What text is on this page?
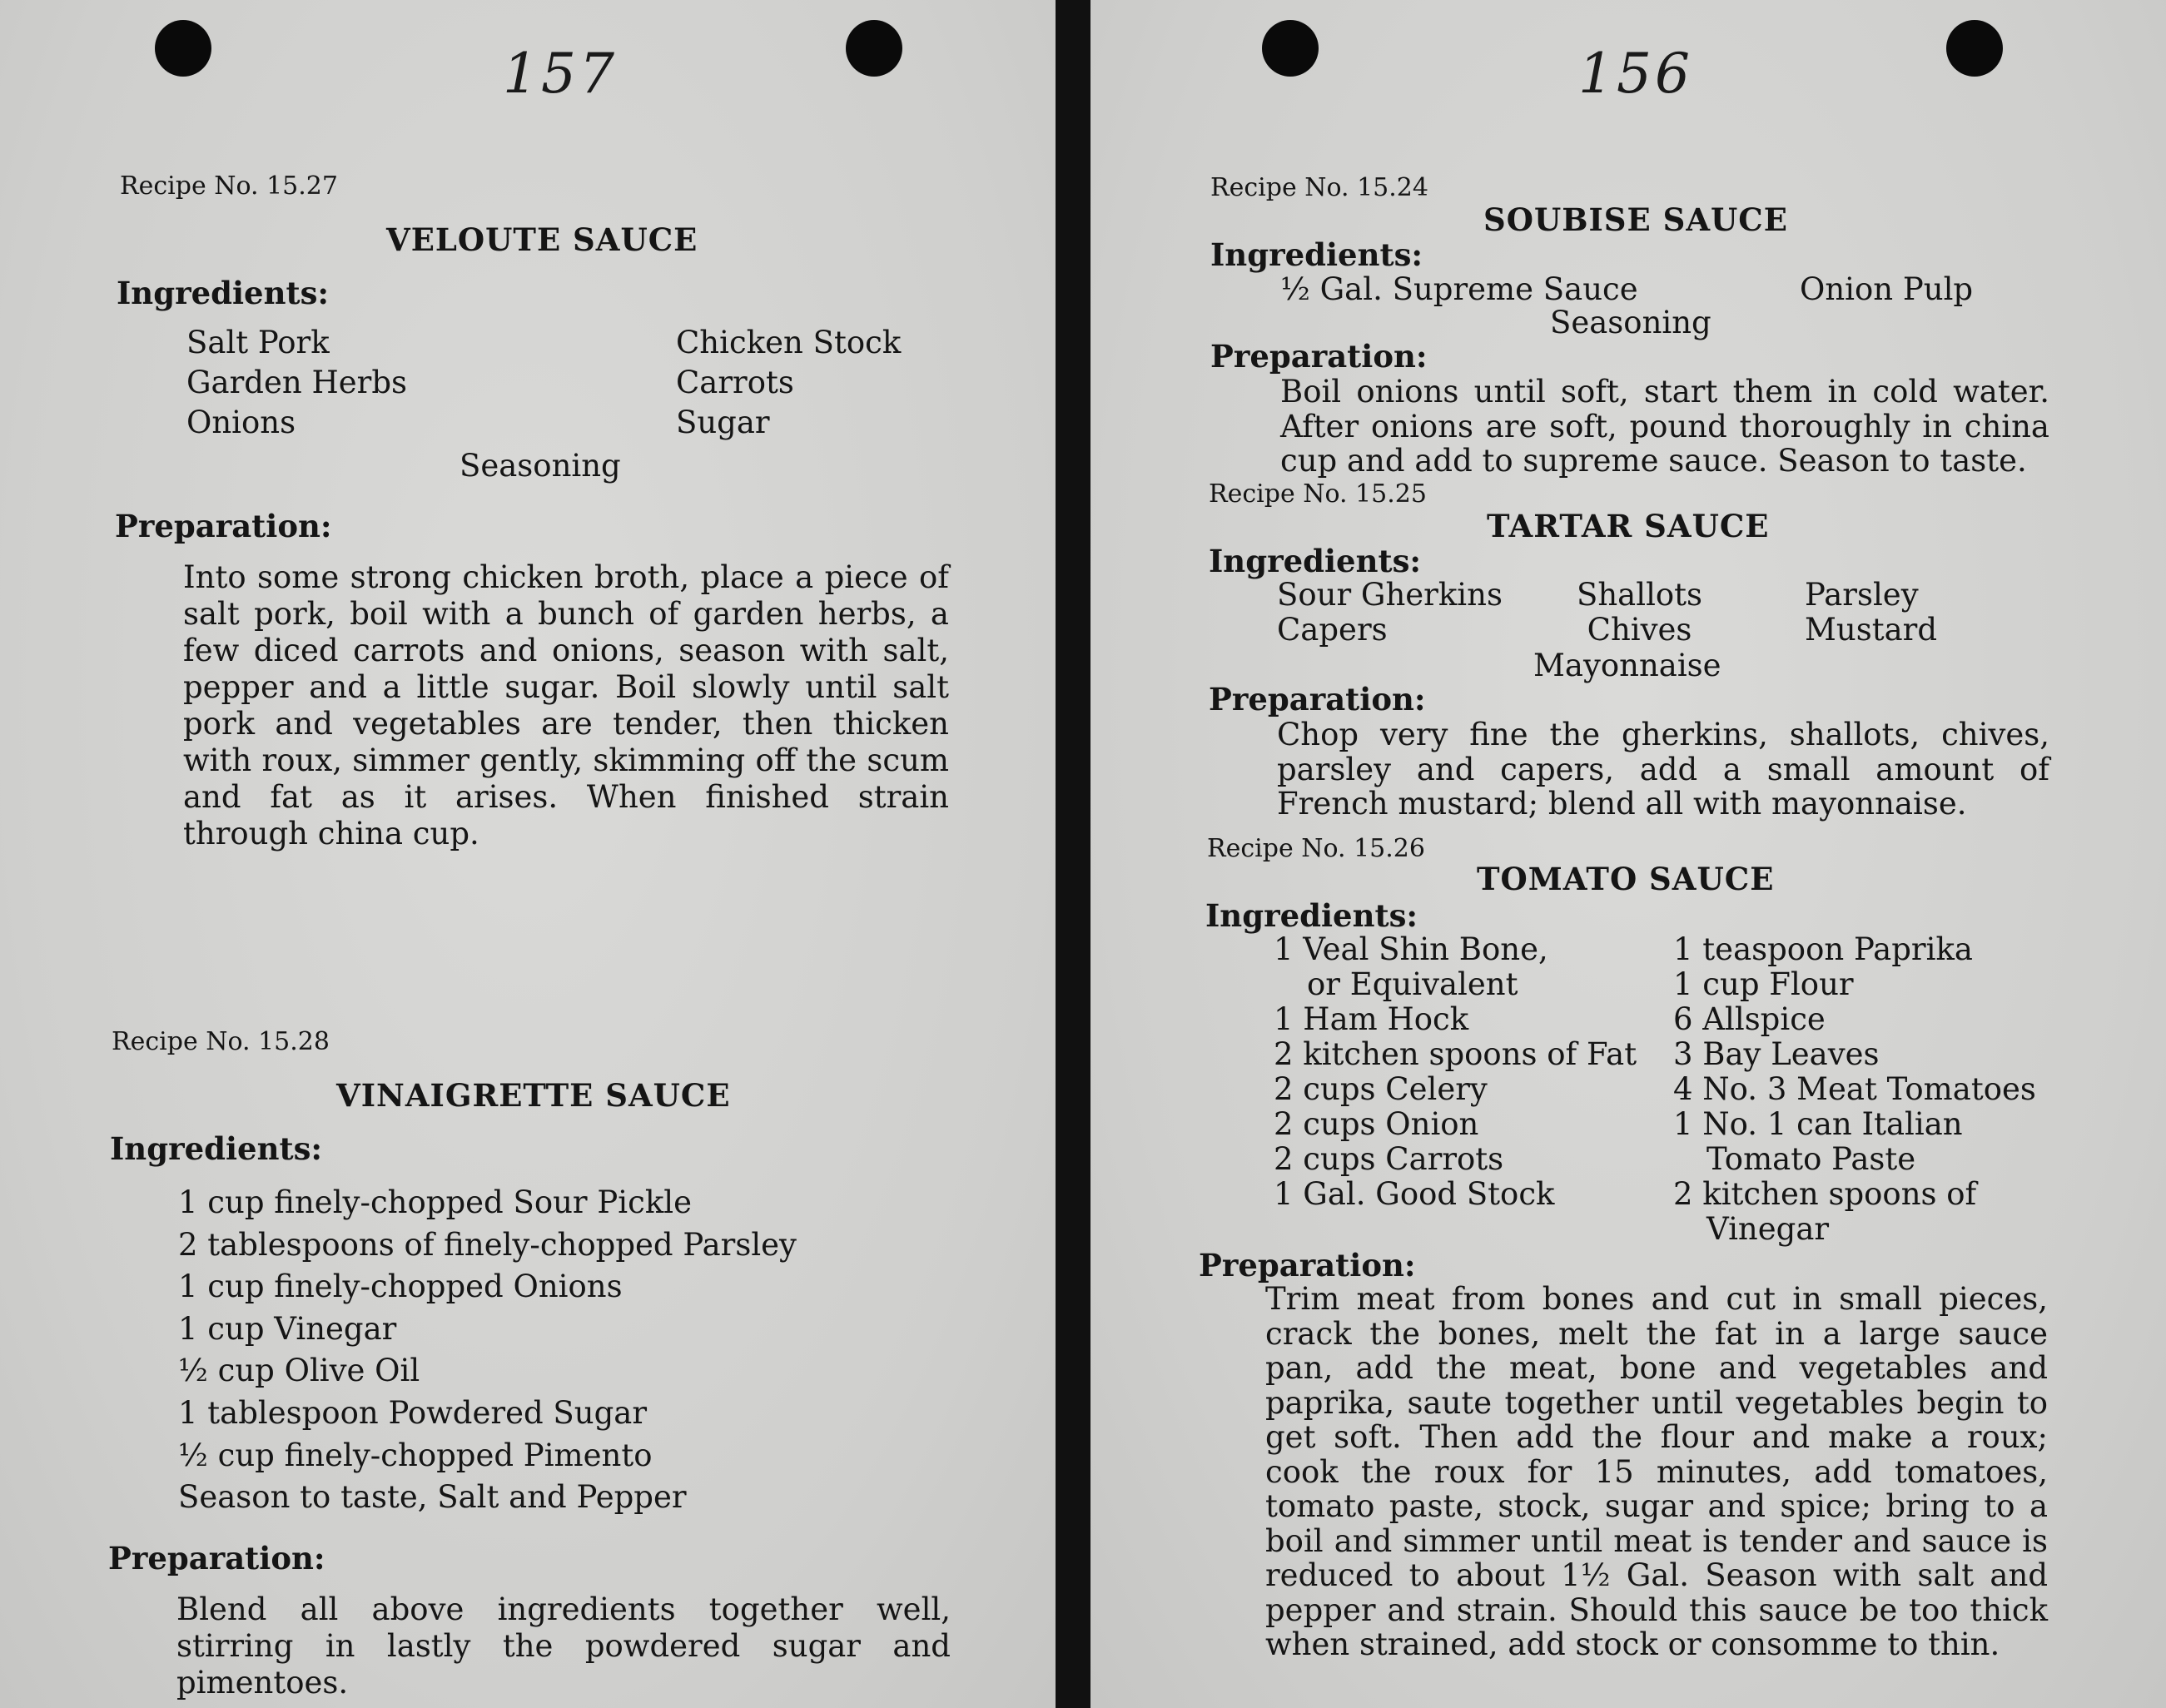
157
Recipe No. 15.27
VELOUTE SAUCE
Ingredients:
Salt Pork
Garden Herbs
Onions
Chicken Stock
Carrots
Sugar
Seasoning
Preparation:
Into some strong chicken broth, place a piece of salt pork, boil with a bunch of garden herbs, a few diced carrots and onions, season with salt, pepper and a little sugar. Boil slowly until salt pork and vegetables are tender, then thicken with roux, simmer gently, skimming off the scum and fat as it arises. When finished strain through china cup.
Recipe No. 15.28
VINAIGRETTE SAUCE
Ingredients:
1 cup finely-chopped Sour Pickle
2 tablespoons of finely-chopped Parsley
1 cup finely-chopped Onions
1 cup Vinegar
½ cup Olive Oil
1 tablespoon Powdered Sugar
½ cup finely-chopped Pimento
Season to taste, Salt and Pepper
Preparation:
Blend all above ingredients together well, stirring in lastly the powdered sugar and pimentoes.
156
Recipe No. 15.24
SOUBISE SAUCE
Ingredients:
½ Gal. Supreme Sauce	Onion Pulp
Seasoning
Preparation:
Boil onions until soft, start them in cold water. After onions are soft, pound thoroughly in china cup and add to supreme sauce. Season to taste.
Recipe No. 15.25
TARTAR SAUCE
Ingredients:
Sour Gherkins
Capers
Shallots
Chives
Parsley
Mustard
Mayonnaise
Preparation:
Chop very fine the gherkins, shallots, chives, parsley and capers, add a small amount of French mustard; blend all with mayonnaise.
Recipe No. 15.26
TOMATO SAUCE
Ingredients:
1 Veal Shin Bone,
or Equivalent
1 Ham Hock
2 kitchen spoons of Fat
2 cups Celery
2 cups Onion
2 cups Carrots
1 Gal. Good Stock
1 teaspoon Paprika
1 cup Flour
6 Allspice
3 Bay Leaves
4 No. 3 Meat Tomatoes
1 No. 1 can Italian
Tomato Paste
2 kitchen spoons of
Vinegar
Preparation:
Trim meat from bones and cut in small pieces, crack the bones, melt the fat in a large sauce pan, add the meat, bone and vegetables and paprika, saute together until vegetables begin to get soft. Then add the flour and make a roux; cook the roux for 15 minutes, add tomatoes, tomato paste, stock, sugar and spice; bring to a boil and simmer until meat is tender and sauce is reduced to about 1½ Gal. Season with salt and pepper and strain. Should this sauce be too thick when strained, add stock or consomme to thin.
